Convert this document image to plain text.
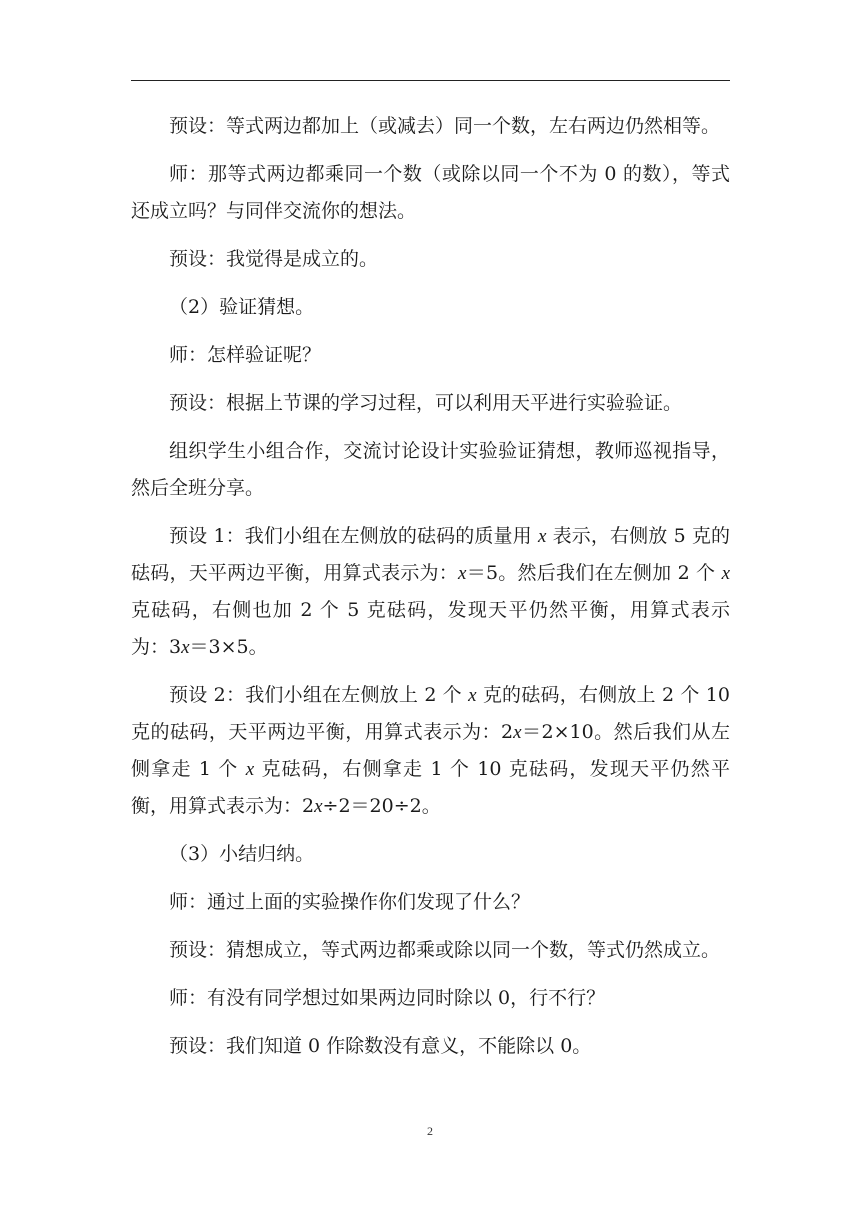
预设：等式两边都加上（或减去）同一个数，左右两边仍然相等。

师：那等式两边都乘同一个数（或除以同一个不为 0 的数），等式还成立吗？与同伴交流你的想法。

预设：我觉得是成立的。

（2）验证猜想。

师：怎样验证呢？

预设：根据上节课的学习过程，可以利用天平进行实验验证。

组织学生小组合作，交流讨论设计实验验证猜想，教师巡视指导，然后全班分享。

预设 1：我们小组在左侧放的砝码的质量用 x 表示，右侧放 5 克的砝码，天平两边平衡，用算式表示为：x＝5。然后我们在左侧加 2 个 x 克砝码，右侧也加 2 个 5 克砝码，发现天平仍然平衡，用算式表示为：3x＝3×5。

预设 2：我们小组在左侧放上 2 个 x 克的砝码，右侧放上 2 个 10 克的砝码，天平两边平衡，用算式表示为：2x＝2×10。然后我们从左侧拿走 1 个 x 克砝码，右侧拿走 1 个 10 克砝码，发现天平仍然平衡，用算式表示为：2x÷2＝20÷2。

（3）小结归纳。

师：通过上面的实验操作你们发现了什么？

预设：猜想成立，等式两边都乘或除以同一个数，等式仍然成立。

师：有没有同学想过如果两边同时除以 0，行不行？

预设：我们知道 0 作除数没有意义，不能除以 0。

2
